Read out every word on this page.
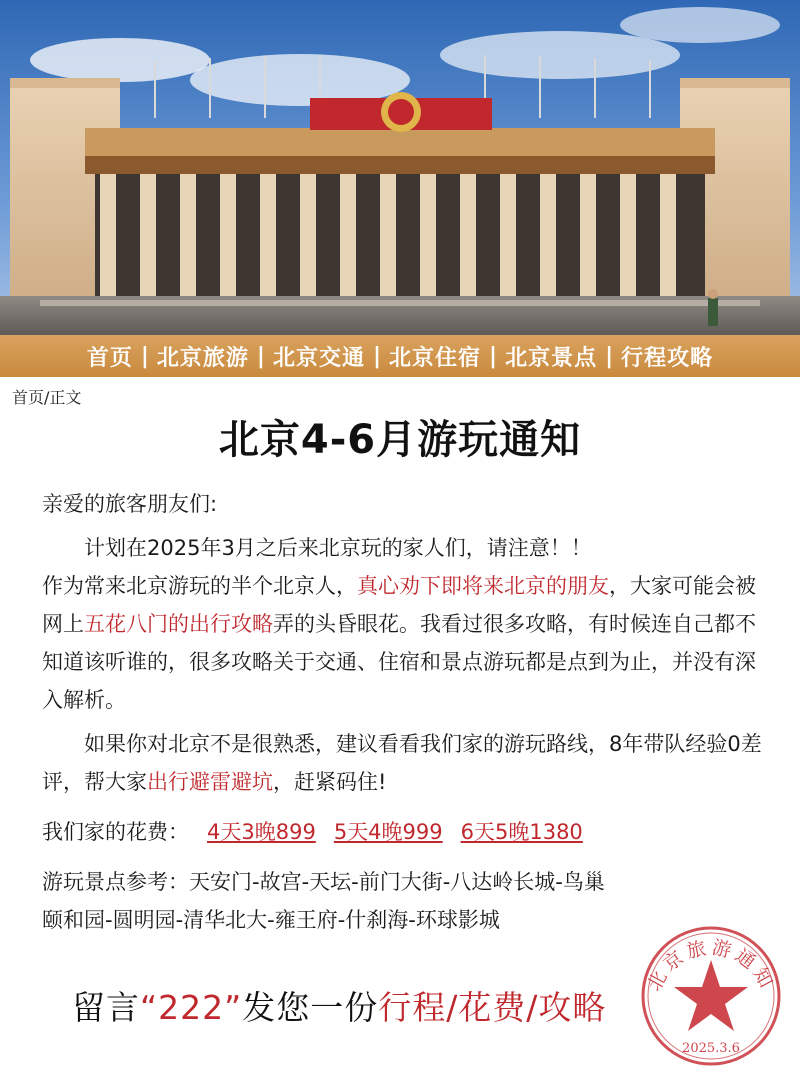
首页 | 北京旅游 | 北京交通 | 北京住宿 | 北京景点 | 行程攻略
首页/正文
北京4-6月游玩通知

亲爱的旅客朋友们:

计划在2025年3月之后来北京玩的家人们，请注意！！

作为常来北京游玩的半个北京人，真心劝下即将来北京的朋友，大家可能会被网上五花八门的出行攻略弄的头昏眼花。我看过很多攻略，有时候连自己都不知道该听谁的，很多攻略关于交通、住宿和景点游玩都是点到为止，并没有深入解析。

如果你对北京不是很熟悉，建议看看我们家的游玩路线，8年带队经验0差评，帮大家出行避雷避坑，赶紧码住!

我们家的花费： 4天3晚899 5天4晚999 6天5晚1380

游玩景点参考：天安门-故宫-天坛-前门大街-八达岭长城-鸟巢

颐和园-圆明园-清华北大-雍王府-什刹海-环球影城

留言“222”发您一份行程/花费/攻略
北京旅游通知
2025.3.6
